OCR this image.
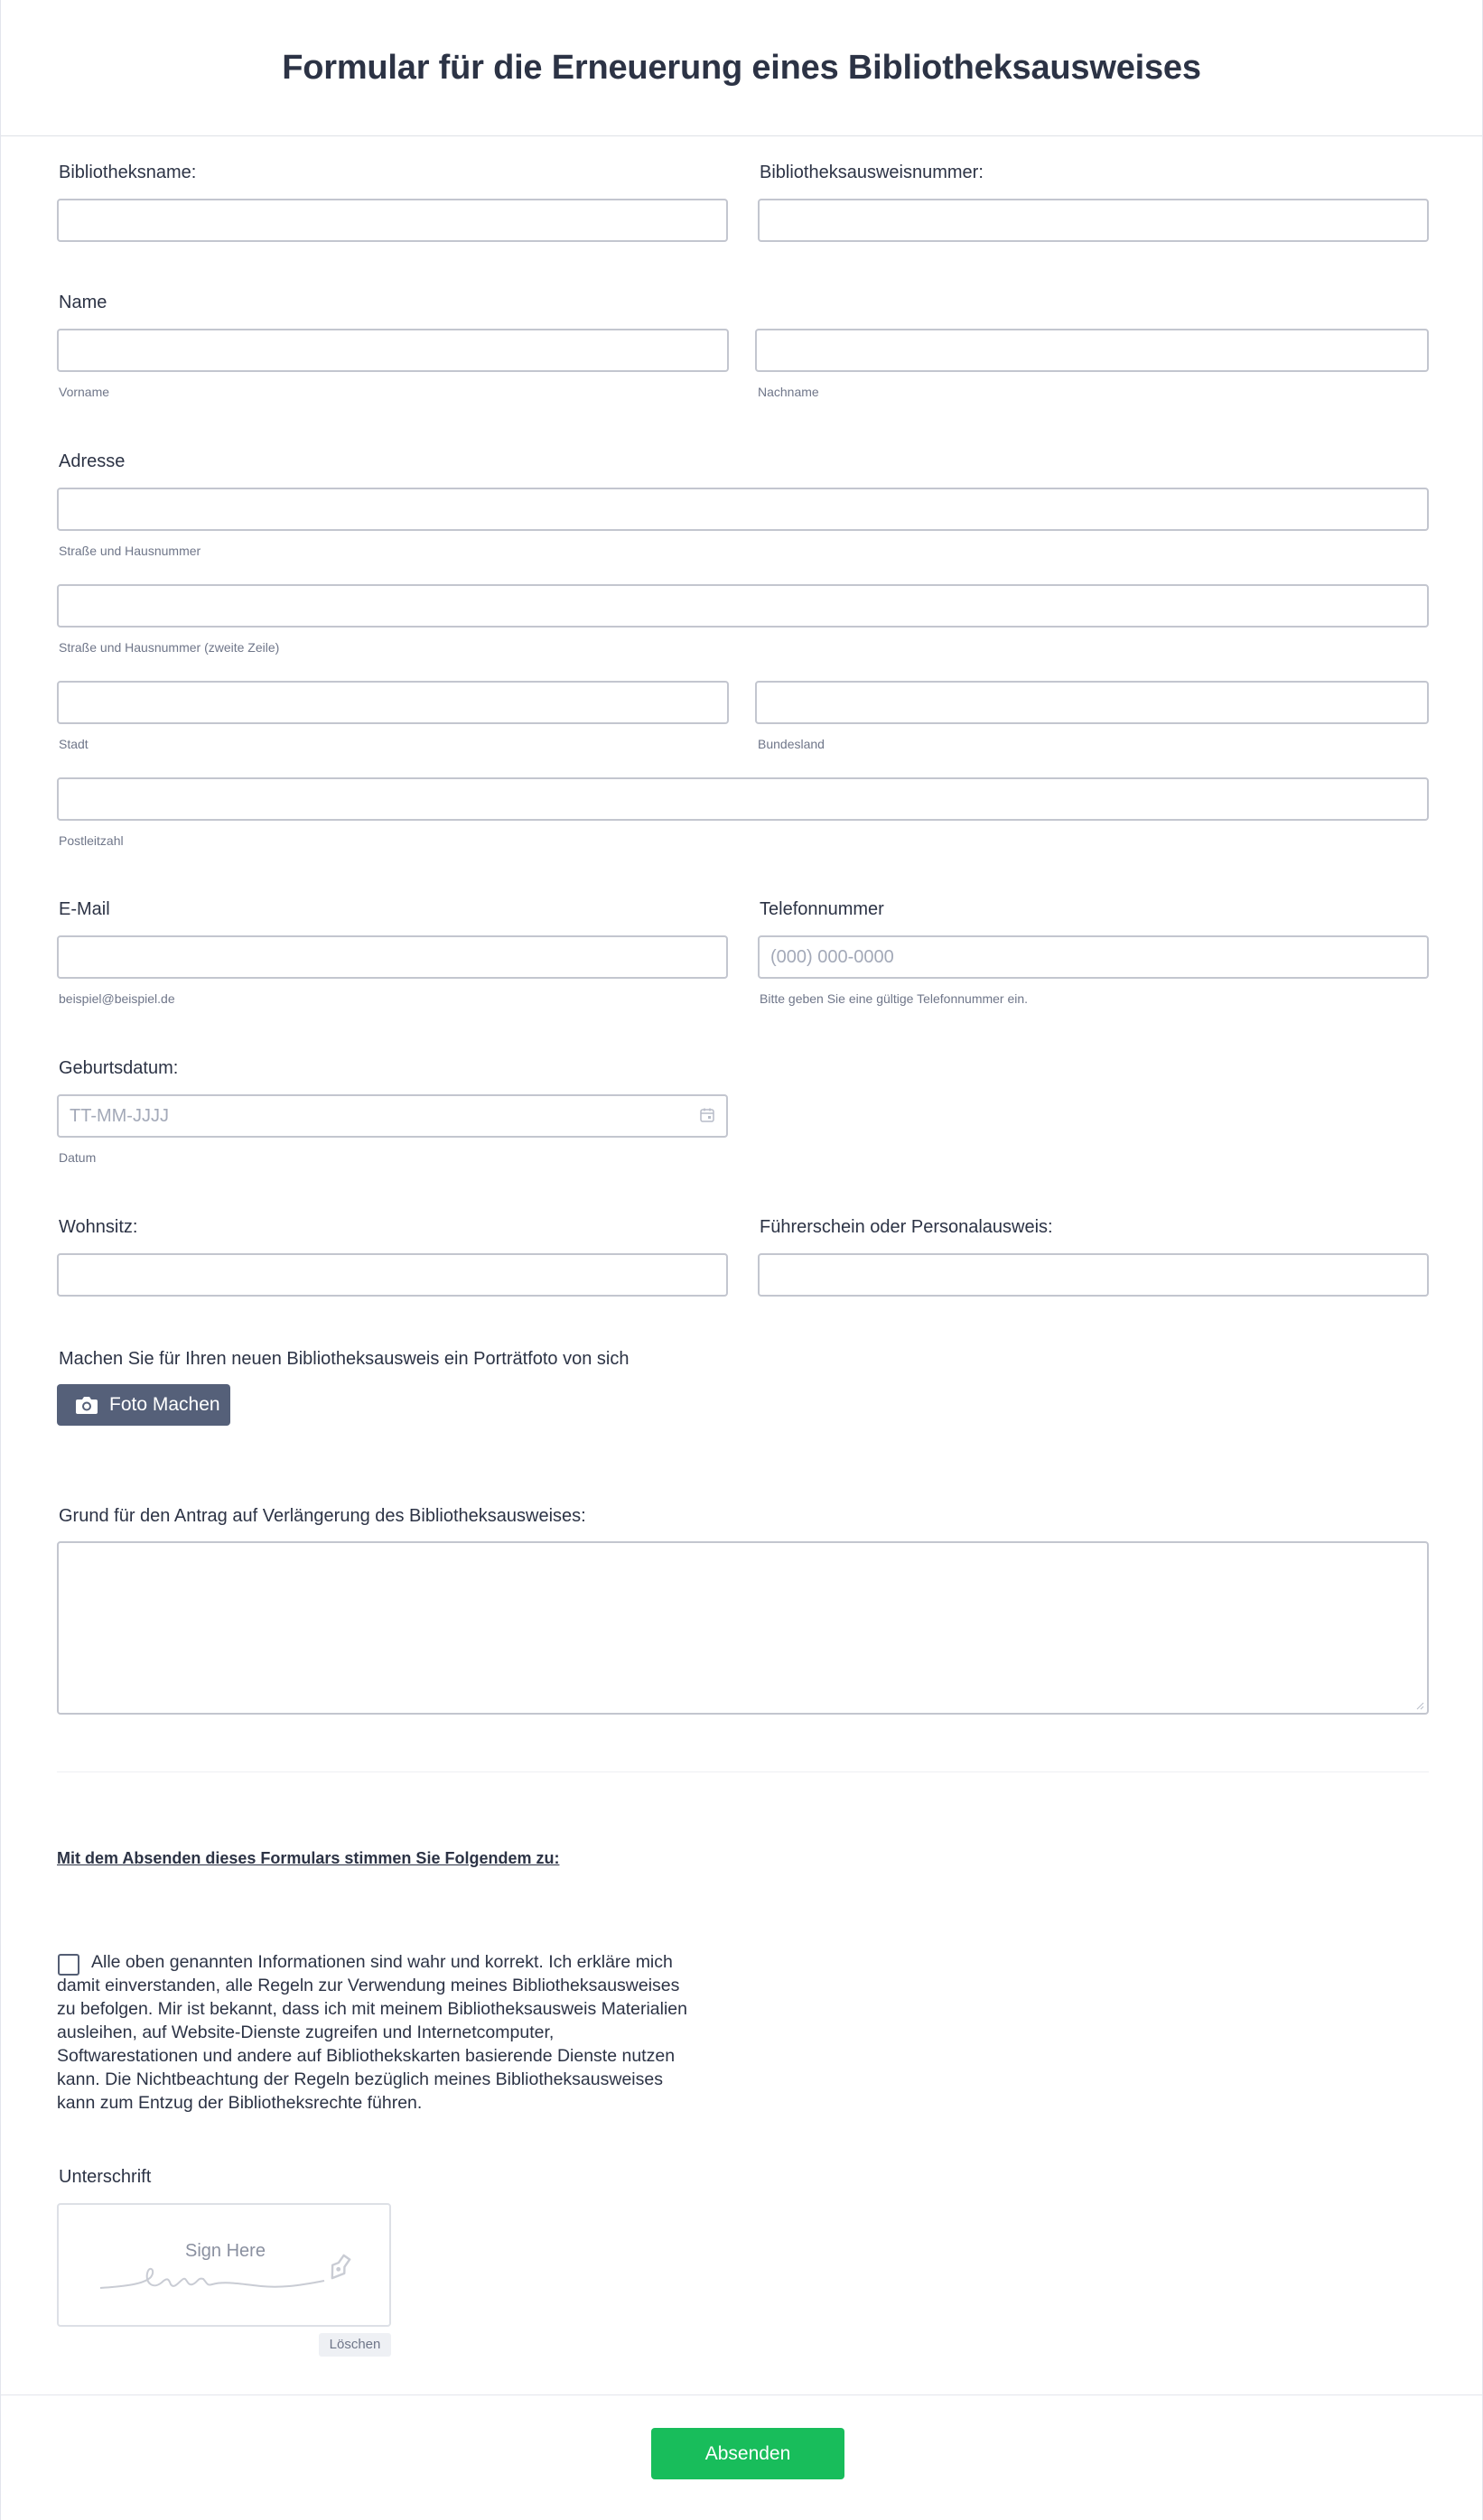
Formular für die Erneuerung eines Bibliotheksausweises
Bibliotheksname:	Bibliotheksausweisnummer:
Name
Vorname	Nachname
Adresse
Straße und Hausnummer
Straße und Hausnummer (zweite Zeile)
Stadt	Bundesland
Postleitzahl
E-Mail
beispiel@beispiel.de
Telefonnummer
(000) 000-0000
Bitte geben Sie eine gültige Telefonnummer ein.
Geburtsdatum:
TT-MM-JJJJ
Datum
Wohnsitz:	Führerschein oder Personalausweis:
Machen Sie für Ihren neuen Bibliotheksausweis ein Porträtfoto von sich
Foto Machen
Grund für den Antrag auf Verlängerung des Bibliotheksausweises:
Mit dem Absenden dieses Formulars stimmen Sie Folgendem zu:
Alle oben genannten Informationen sind wahr und korrekt. Ich erkläre mich damit einverstanden, alle Regeln zur Verwendung meines Bibliotheksausweises zu befolgen. Mir ist bekannt, dass ich mit meinem Bibliotheksausweis Materialien ausleihen, auf Website-Dienste zugreifen und Internetcomputer, Softwarestationen und andere auf Bibliothekskarten basierende Dienste nutzen kann. Die Nichtbeachtung der Regeln bezüglich meines Bibliotheksausweises kann zum Entzug der Bibliotheksrechte führen.
Unterschrift
Sign Here
Löschen
Absenden
